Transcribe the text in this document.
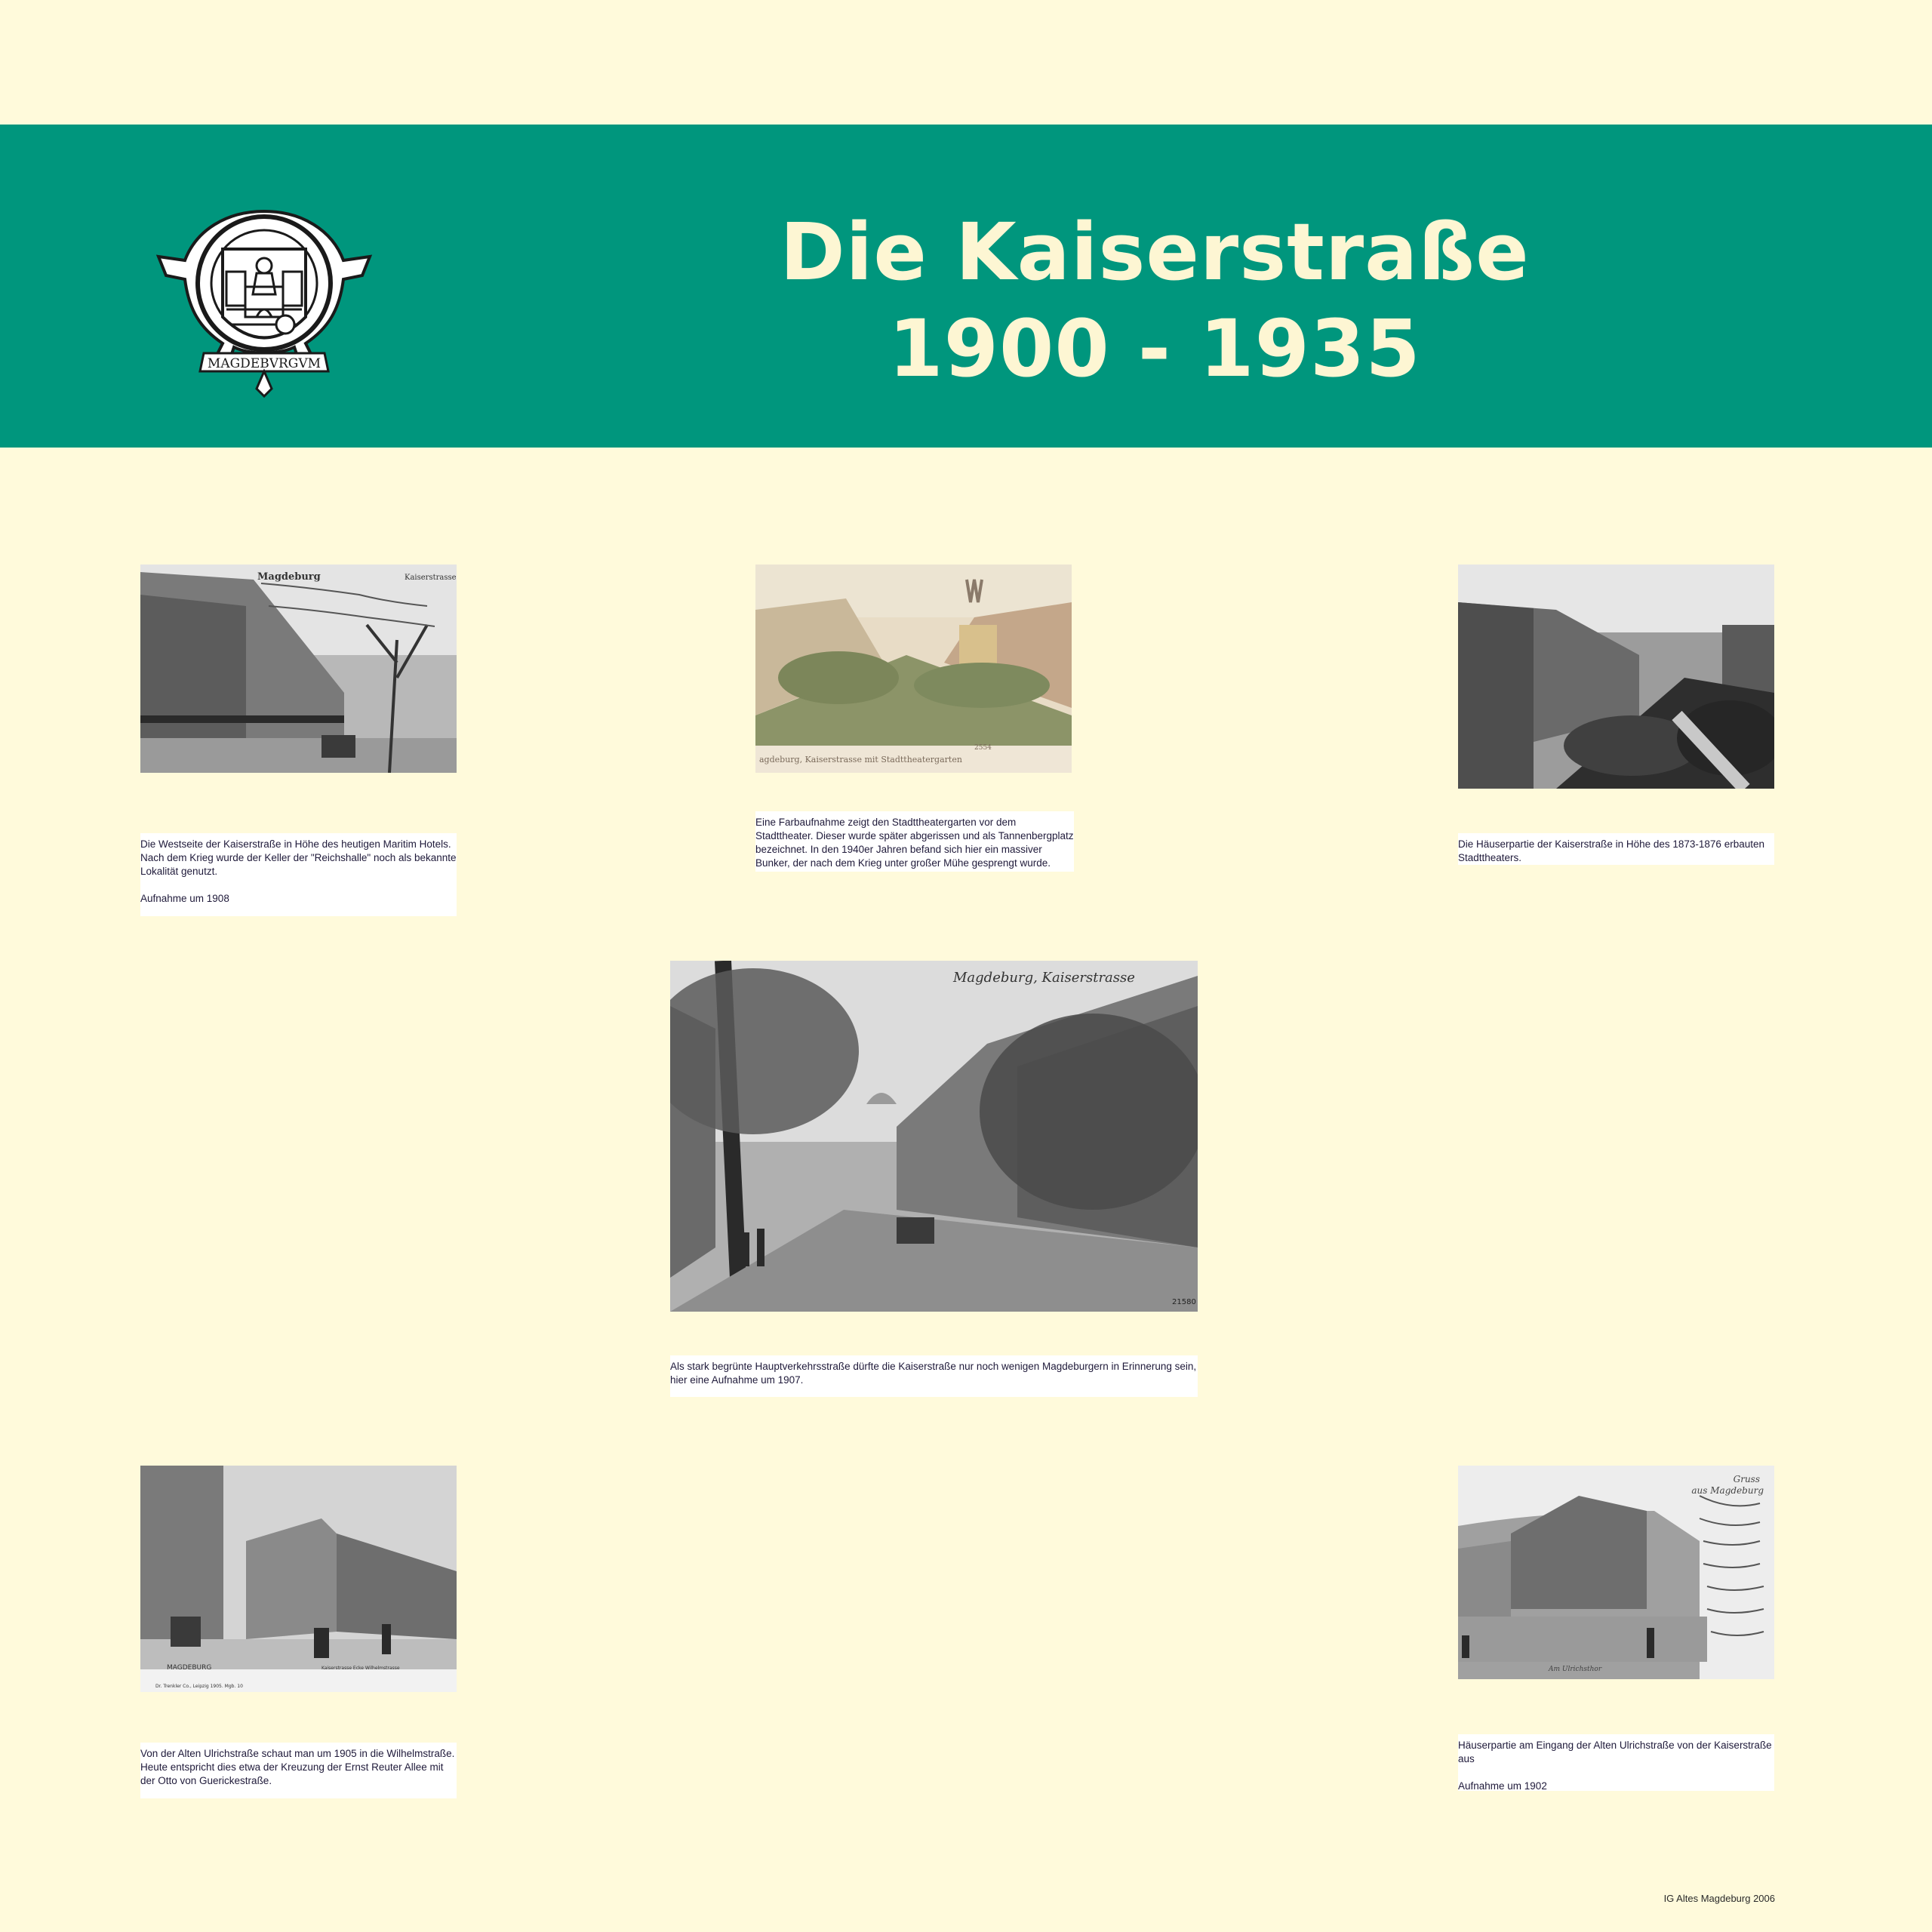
MAGDEBVRGVM
Die Kaiserstraße
1900 - 1935
Magdeburg	Kaiserstrasse

Die Westseite der Kaiserstraße in Höhe des heutigen Maritim Hotels. Nach dem Krieg wurde der Keller der "Reichshalle" noch als bekannte Lokalität genutzt.

Aufnahme um 1908

agdeburg, Kaiserstrasse mit Stadttheatergarten
2554

Eine Farbaufnahme zeigt den Stadttheatergarten vor dem Stadttheater. Dieser wurde später abgerissen und als Tannenbergplatz bezeichnet. In den 1940er Jahren befand sich hier ein massiver Bunker, der nach dem Krieg unter großer Mühe gesprengt wurde.

Die Häuserpartie der Kaiserstraße in Höhe des 1873-1876 erbauten Stadttheaters.

Magdeburg, Kaiserstrasse
21580

Als stark begrünte Hauptverkehrsstraße dürfte die Kaiserstraße nur noch wenigen Magdeburgern in Erinnerung sein, hier eine Aufnahme um 1907.

MAGDEBURG	Kaiserstrasse Ecke Wilhelmstrasse
Dr. Trenkler Co., Leipzig 1905. Mgb. 10

Von der Alten Ulrichstraße schaut man um 1905 in die Wilhelmstraße. Heute entspricht dies etwa der Kreuzung der Ernst Reuter Allee mit der Otto von Guerickestraße.

Gruss
aus Magdeburg
Am Ulrichsthor

Häuserpartie am Eingang der Alten Ulrichstraße von der Kaiserstraße aus

Aufnahme um 1902

IG Altes Magdeburg 2006
